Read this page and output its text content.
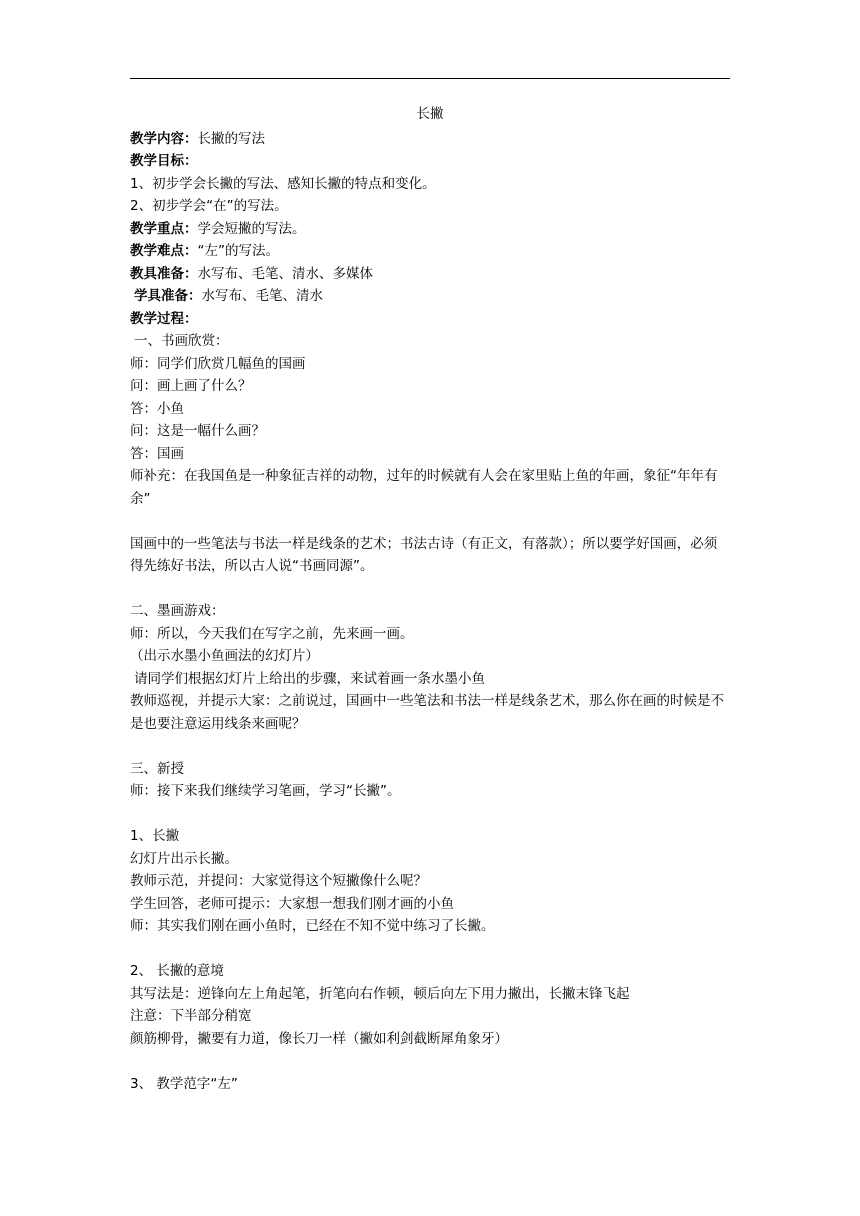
长撇
教学内容：长撇的写法
教学目标：
1、初步学会长撇的写法、感知长撇的特点和变化。
2、初步学会“在”的写法。
教学重点：学会短撇的写法。
教学难点：“左”的写法。
教具准备：水写布、毛笔、清水、多媒体
学具准备：水写布、毛笔、清水
教学过程：
一、书画欣赏：
师：同学们欣赏几幅鱼的国画
问：画上画了什么？
答：小鱼
问：这是一幅什么画？
答：国画
师补充：在我国鱼是一种象征吉祥的动物，过年的时候就有人会在家里贴上鱼的年画，象征“年年有余”
国画中的一些笔法与书法一样是线条的艺术；书法古诗（有正文，有落款）；所以要学好国画，必须得先练好书法，所以古人说“书画同源”。
二、墨画游戏：
师：所以，今天我们在写字之前，先来画一画。
（出示水墨小鱼画法的幻灯片）
请同学们根据幻灯片上给出的步骤，来试着画一条水墨小鱼
教师巡视，并提示大家：之前说过，国画中一些笔法和书法一样是线条艺术，那么你在画的时候是不是也要注意运用线条来画呢？
三、新授
师：接下来我们继续学习笔画，学习“长撇”。
1、长撇
幻灯片出示长撇。
教师示范，并提问：大家觉得这个短撇像什么呢？
学生回答，老师可提示：大家想一想我们刚才画的小鱼
师：其实我们刚在画小鱼时，已经在不知不觉中练习了长撇。
2、 长撇的意境
其写法是：逆锋向左上角起笔，折笔向右作顿，顿后向左下用力撇出，长撇末锋飞起
注意：下半部分稍宽
颜筋柳骨，撇要有力道，像长刀一样（撇如利剑截断犀角象牙）
3、 教学范字“左”
